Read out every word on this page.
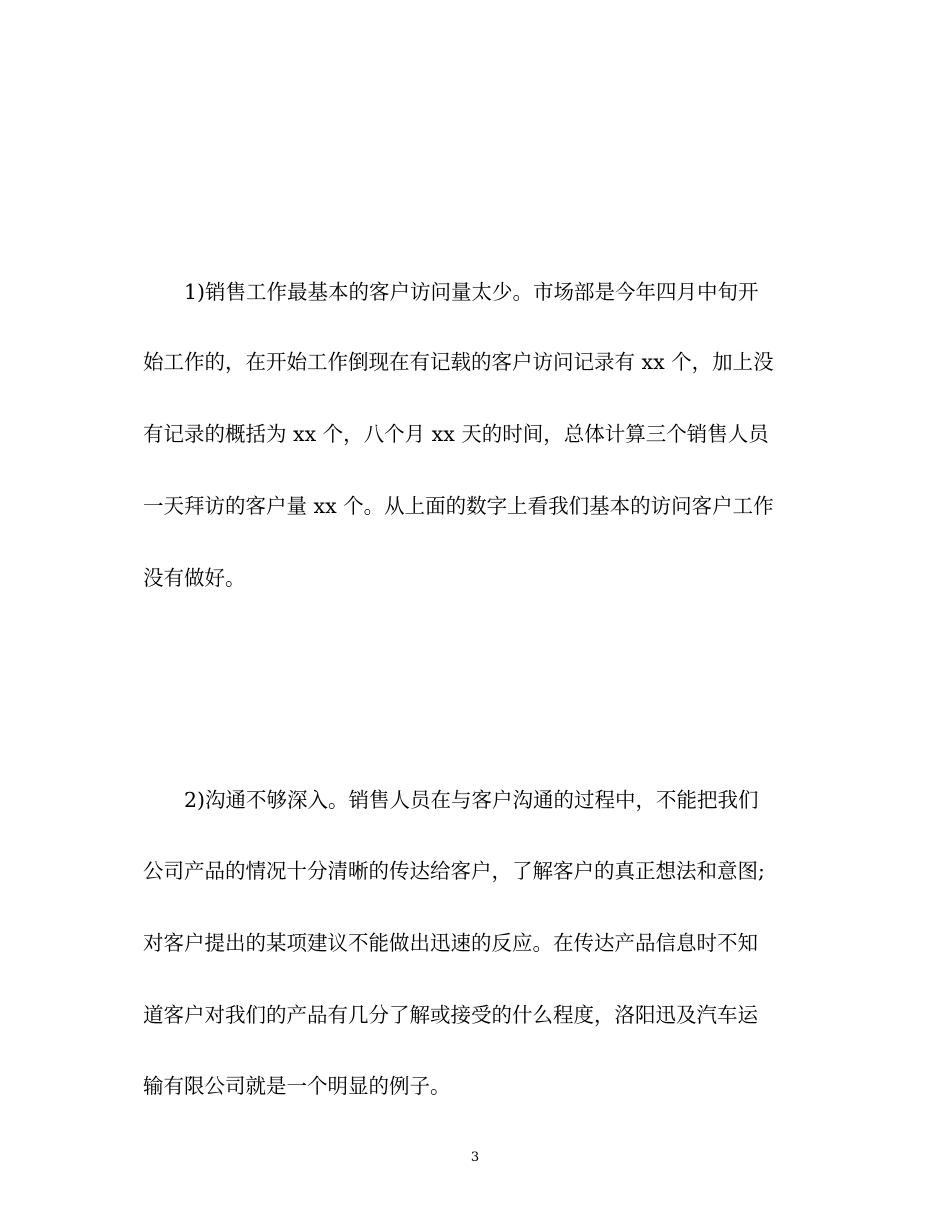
1)销售工作最基本的客户访问量太少。市场部是今年四月中旬开
始工作的，在开始工作倒现在有记载的客户访问记录有 xx 个，加上没
有记录的概括为 xx 个，八个月 xx 天的时间，总体计算三个销售人员
一天拜访的客户量 xx 个。从上面的数字上看我们基本的访问客户工作
没有做好。
2)沟通不够深入。销售人员在与客户沟通的过程中，不能把我们
公司产品的情况十分清晰的传达给客户，了解客户的真正想法和意图;
对客户提出的某项建议不能做出迅速的反应。在传达产品信息时不知
道客户对我们的产品有几分了解或接受的什么程度，洛阳迅及汽车运
输有限公司就是一个明显的例子。
3
